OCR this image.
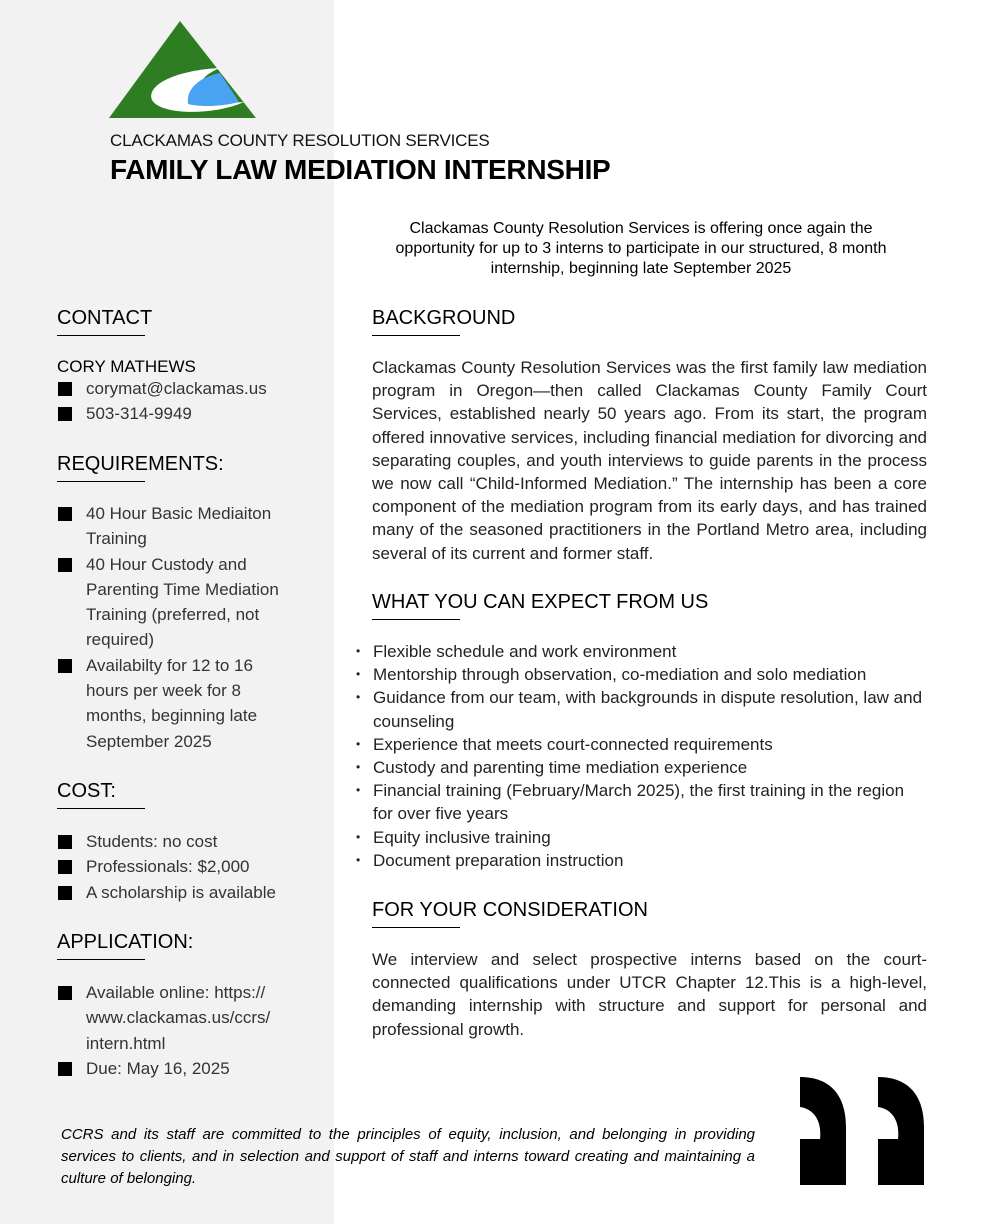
CLACKAMAS COUNTY RESOLUTION SERVICES
FAMILY LAW MEDIATION INTERNSHIP
Clackamas County Resolution Services is offering once again the opportunity for up to 3 interns to participate in our structured, 8 month internship, beginning late September 2025
CONTACT
CORY MATHEWS
corymat@clackamas.us
503-314-9949
REQUIREMENTS:
40 Hour Basic Mediaiton Training
40 Hour Custody and Parenting Time Mediation Training (preferred, not required)
Availabilty for 12 to 16 hours per week for 8 months, beginning late September 2025
COST:
Students: no cost
Professionals: $2,000
A scholarship is available
APPLICATION:
Available online: https:// www.clackamas.us/ccrs/ intern.html
Due: May 16, 2025
BACKGROUND
Clackamas County Resolution Services was the first family law mediation program in Oregon—then called Clackamas County Family Court Services, established nearly 50 years ago. From its start, the program offered innovative services, including financial mediation for divorcing and separating couples, and youth interviews to guide parents in the process we now call “Child-Informed Mediation.” The internship has been a core component of the mediation program from its early days, and has trained many of the seasoned practitioners in the Portland Metro area, including several of its current and former staff.
WHAT YOU CAN EXPECT FROM US
• Flexible schedule and work environment
• Mentorship through observation, co-mediation and solo mediation
• Guidance from our team, with backgrounds in dispute resolution, law and counseling
• Experience that meets court-connected requirements
• Custody and parenting time mediation experience
• Financial training (February/March 2025), the first training in the region for over five years
• Equity inclusive training
• Document preparation instruction
FOR YOUR CONSIDERATION
We interview and select prospective interns based on the court-connected qualifications under UTCR Chapter 12.This is a high-level, demanding internship with structure and support for personal and professional growth.
CCRS and its staff are committed to the principles of equity, inclusion, and belonging in providing services to clients, and in selection and support of staff and interns toward creating and maintaining a culture of belonging.
